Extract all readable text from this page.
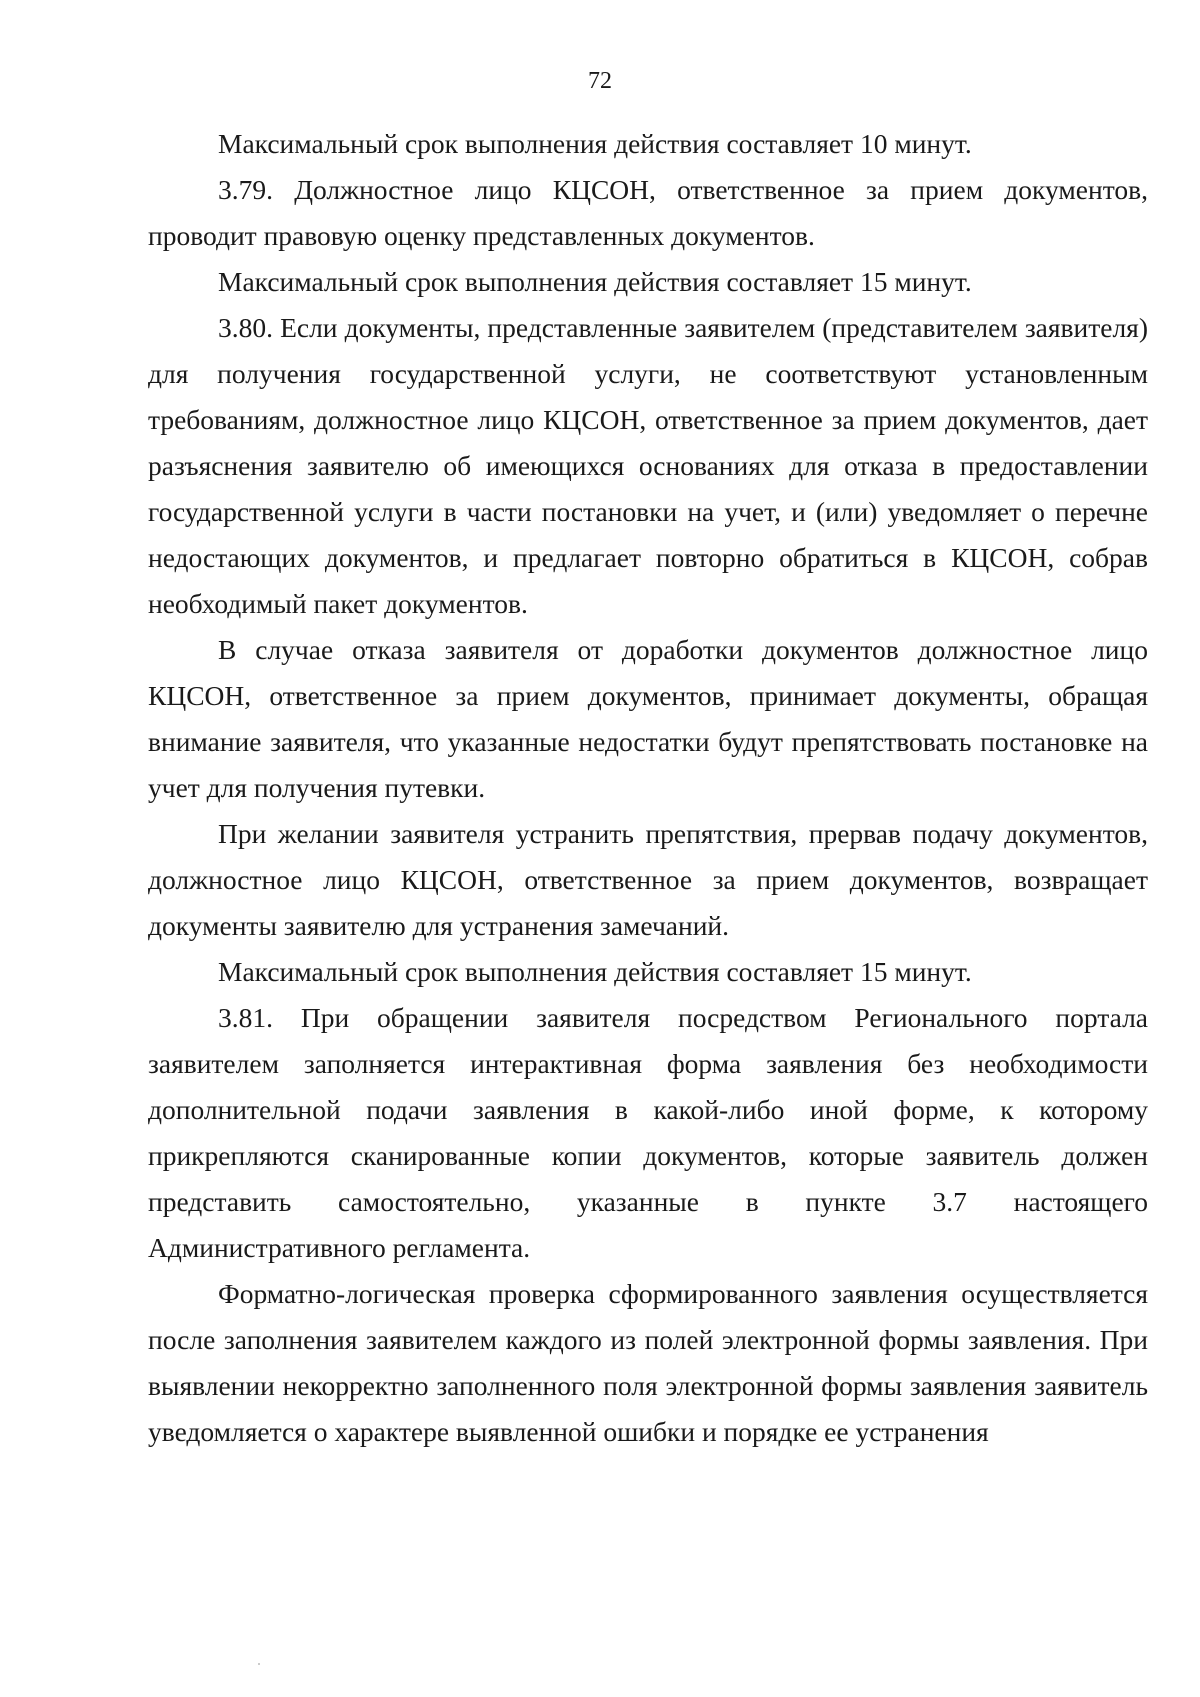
72

Максимальный срок выполнения действия составляет 10 минут.

3.79. Должностное лицо КЦСОН, ответственное за прием документов, проводит правовую оценку представленных документов.

Максимальный срок выполнения действия составляет 15 минут.

3.80. Если документы, представленные заявителем (представителем заявителя) для получения государственной услуги, не соответствуют установленным требованиям, должностное лицо КЦСОН, ответственное за прием документов, дает разъяснения заявителю об имеющихся основаниях для отказа в предоставлении государственной услуги в части постановки на учет, и (или) уведомляет о перечне недостающих документов, и предлагает повторно обратиться в КЦСОН, собрав необходимый пакет документов.

В случае отказа заявителя от доработки документов должностное лицо КЦСОН, ответственное за прием документов, принимает документы, обращая внимание заявителя, что указанные недостатки будут препятствовать постановке на учет для получения путевки.

При желании заявителя устранить препятствия, прервав подачу документов, должностное лицо КЦСОН, ответственное за прием документов, возвращает документы заявителю для устранения замечаний.

Максимальный срок выполнения действия составляет 15 минут.

3.81. При обращении заявителя посредством Регионального портала заявителем заполняется интерактивная форма заявления без необходимости дополнительной подачи заявления в какой-либо иной форме, к которому прикрепляются сканированные копии документов, которые заявитель должен представить самостоятельно, указанные в пункте 3.7 настоящего Административного регламента.

Форматно-логическая проверка сформированного заявления осуществляется после заполнения заявителем каждого из полей электронной формы заявления. При выявлении некорректно заполненного поля электронной формы заявления заявитель уведомляется о характере выявленной ошибки и порядке ее устранения
